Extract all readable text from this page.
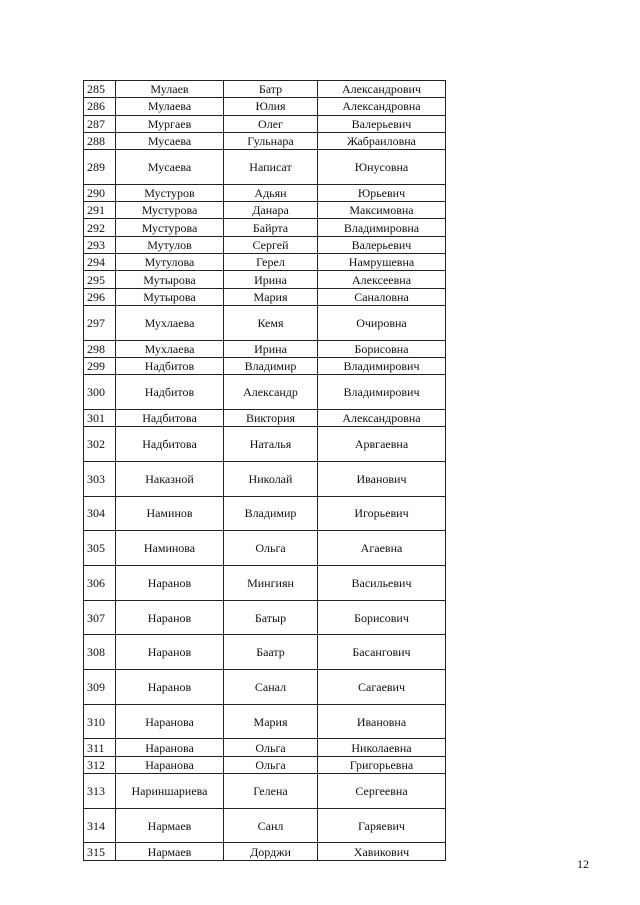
285	Мулаев	Батр	Александрович
286	Мулаева	Юлия	Александровна
287	Мургаев	Олег	Валерьевич
288	Мусаева	Гульнара	Жабраиловна
289	Мусаева	Написат	Юнусовна
290	Мустуров	Адьян	Юрьевич
291	Мустурова	Данара	Максимовна
292	Мустурова	Байрта	Владимировна
293	Мутулов	Сергей	Валерьевич
294	Мутулова	Герел	Намрушевна
295	Мутырова	Ирина	Алексеевна
296	Мутырова	Мария	Саналовна
297	Мухлаева	Кемя	Очировна
298	Мухлаева	Ирина	Борисовна
299	Надбитов	Владимир	Владимирович
300	Надбитов	Александр	Владимирович
301	Надбитова	Виктория	Александровна
302	Надбитова	Наталья	Арвгаевна
303	Наказной	Николай	Иванович
304	Наминов	Владимир	Игорьевич
305	Наминова	Ольга	Агаевна
306	Наранов	Мингиян	Васильевич
307	Наранов	Батыр	Борисович
308	Наранов	Баатр	Басангович
309	Наранов	Санал	Сагаевич
310	Наранова	Мария	Ивановна
311	Наранова	Ольга	Николаевна
312	Наранова	Ольга	Григорьевна
313	Нариншариева	Гелена	Сергеевна
314	Нармаев	Санл	Гаряевич
315	Нармаев	Дорджи	Хавикович
12
